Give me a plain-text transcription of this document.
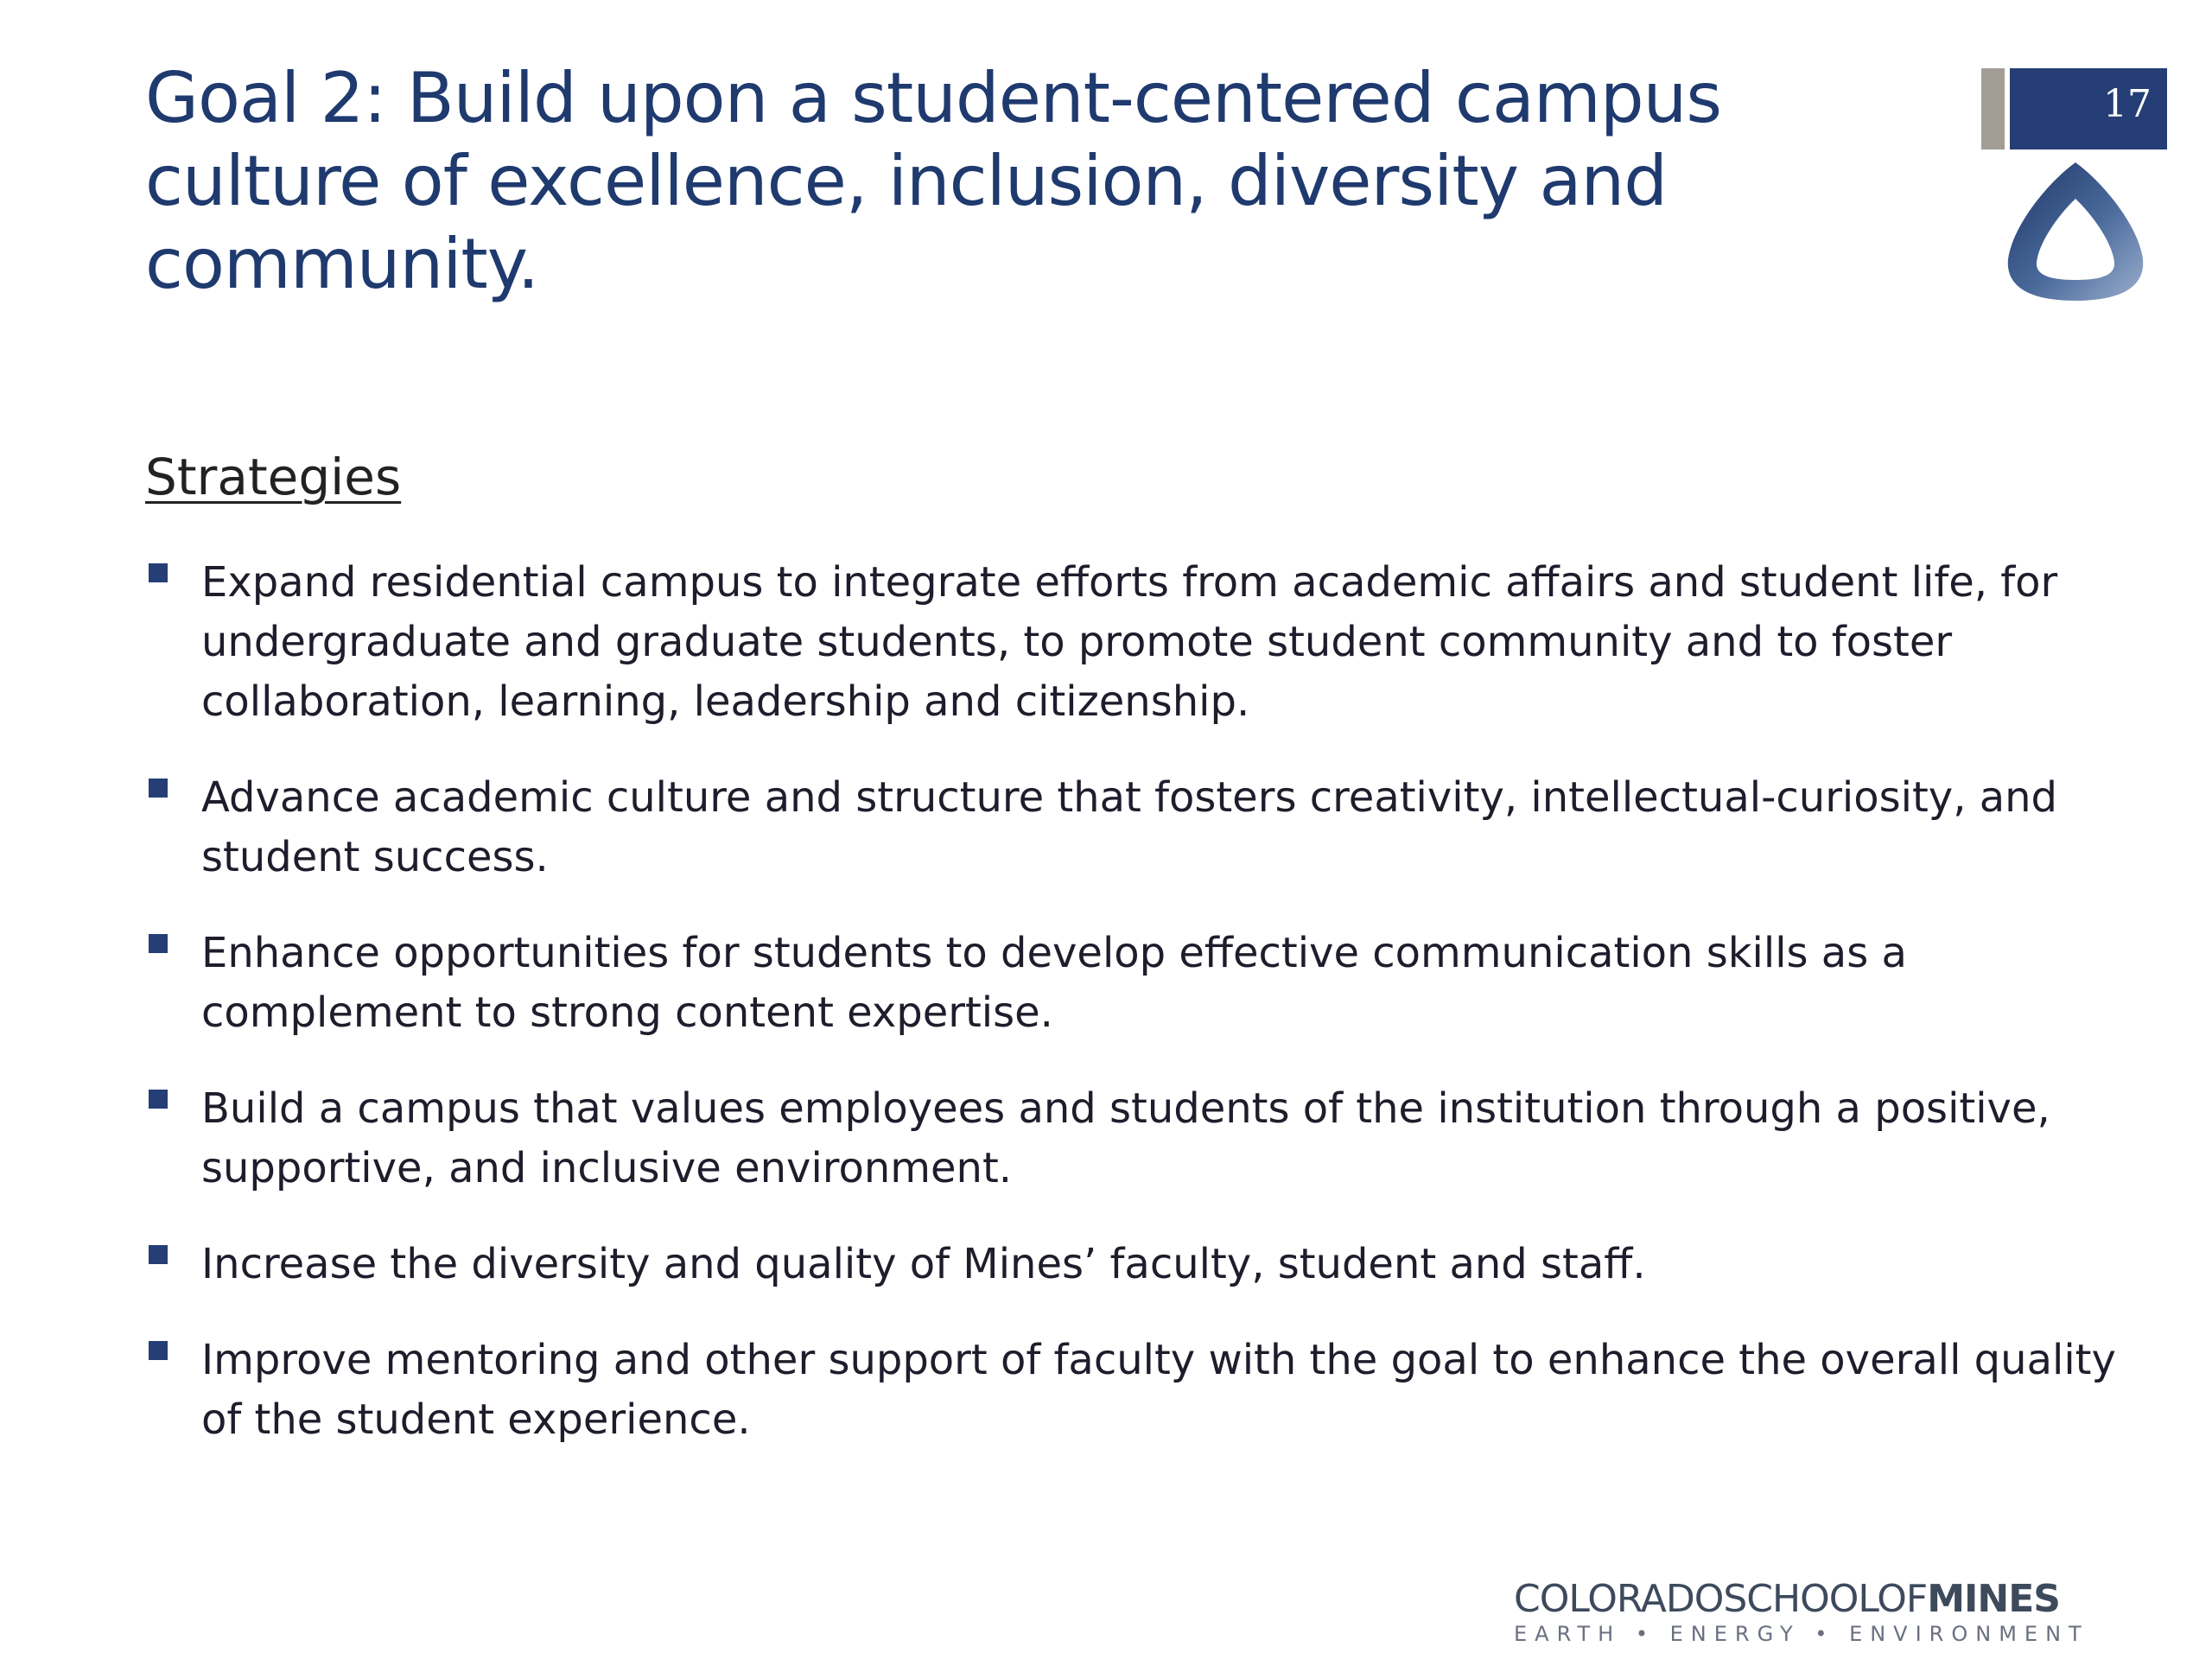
Goal 2: Build upon a student-centered campus culture of excellence, inclusion, diversity and community.
17
Strategies
Expand residential campus to integrate efforts from academic affairs and student life, for undergraduate and graduate students, to promote student community and to foster collaboration, learning, leadership and citizenship.
Advance academic culture and structure that fosters creativity, intellectual-curiosity, and student success.
Enhance opportunities for students to develop effective communication skills as a complement to strong content expertise.
Build a campus that values employees and students of the institution through a positive, supportive, and inclusive environment.
Increase the diversity and quality of Mines’ faculty, student and staff.
Improve mentoring and other support of faculty with the goal to enhance the overall quality of the student experience.
COLORADOSCHOOLOFMINES
EARTH • ENERGY • ENVIRONMENT
